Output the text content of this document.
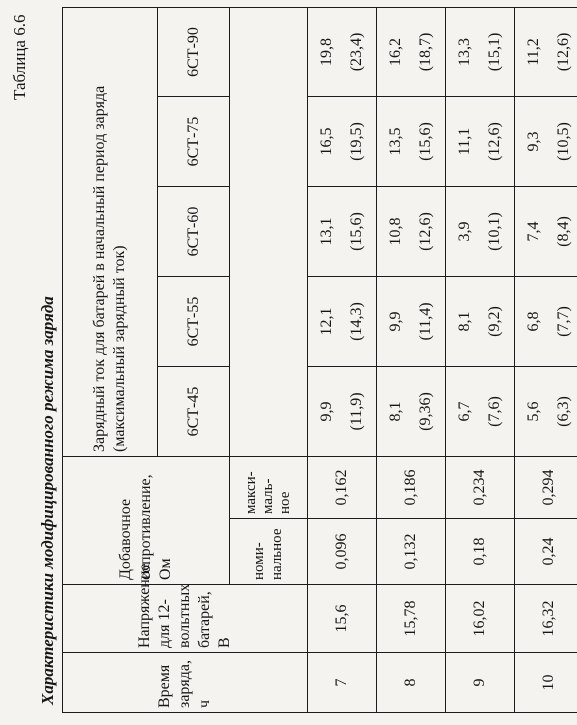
Таблица 6.6
Характеристики модифицированного режима заряда	Время заряда, ч	Напряжение для 12-вольтных батарей, В	Добавочное сопротивление, Ом		Зарядный ток для батарей в начальный период заряда (максимальный зарядный ток)				
				6СТ-45	6СТ-55	6СТ-60	6СТ-75	6СТ-90
		номи-нальное	макси-маль-ное					
7	15,6	0,096	0,162	9,9 (11,9)	12,1 (14,3)	13,1 (15,6)	16,5 (19,5)	19,8 (23,4)

8	15,78	0,132	0,186	8,1 (9,36)	9,9 (11,4)	10,8 (12,6)	13,5 (15,6)	16,2 (18,7)

9	16,02	0,18	0,234	6,7 (7,6)	8,1 (9,2)	3,9 (10,1)	11,1 (12,6)	13,3 (15,1)

10	16,32	0,24	0,294	5,6 (6,3)	6,8 (7,7)	7,4 (8,4)	9,3 (10,5)	11,2 (12,6)
